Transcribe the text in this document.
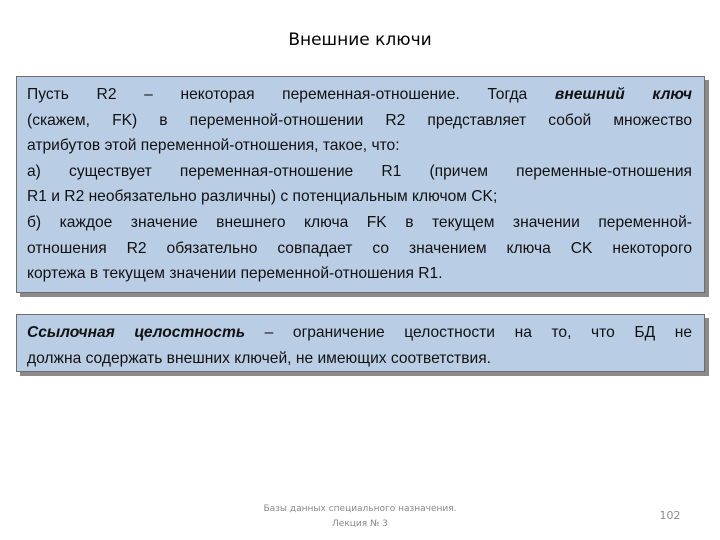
Внешние ключи
Пусть R2 – некоторая переменная-отношение. Тогда внешний ключ
(скажем, FK) в переменной-отношении R2 представляет собой множество
атрибутов этой переменной-отношения, такое, что:
а) существует переменная-отношение R1 (причем переменные-отношения
R1 и R2 необязательно различны) с потенциальным ключом CK;
б) каждое значение внешнего ключа FK в текущем значении переменной-
отношения R2 обязательно совпадает со значением ключа CK некоторого
кортежа в текущем значении переменной-отношения R1.
Ссылочная целостность – ограничение целостности на то, что БД не
должна содержать внешних ключей, не имеющих соответствия.
Базы данных специального назначения.
Лекция № 3
102
